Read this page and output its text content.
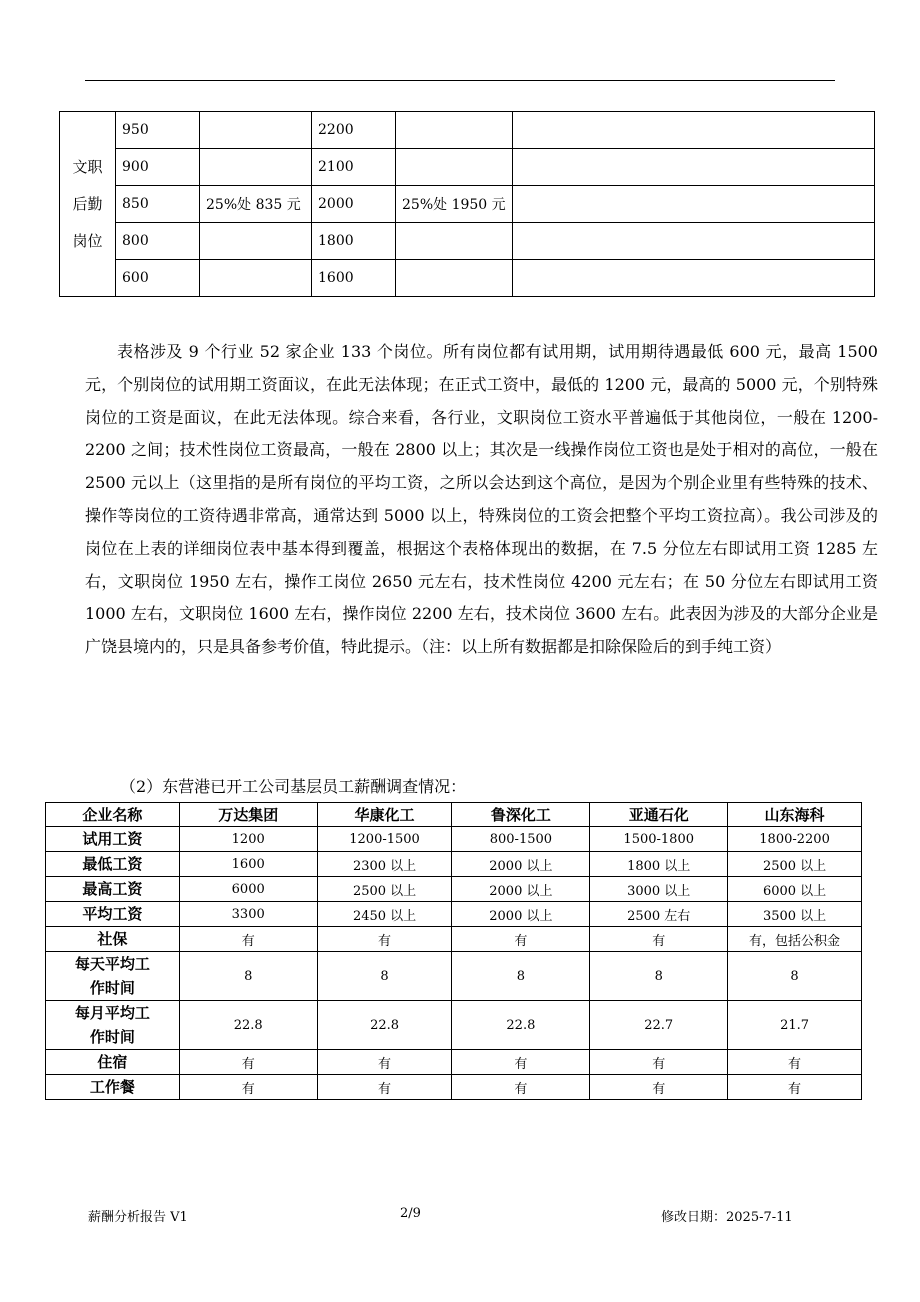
文职
后勤
岗位	950		2200		
	900		2100		
	850	25%处 835 元	2000	25%处 1950 元	
	800		1800		
	600		1600		

表格涉及 9 个行业 52 家企业 133 个岗位。所有岗位都有试用期，试用期待遇最低 600 元，最高 1500 元，个别岗位的试用期工资面议，在此无法体现；在正式工资中，最低的 1200 元，最高的 5000 元，个别特殊岗位的工资是面议，在此无法体现。综合来看，各行业，文职岗位工资水平普遍低于其他岗位，一般在 1200-2200 之间；技术性岗位工资最高，一般在 2800 以上；其次是一线操作岗位工资也是处于相对的高位，一般在 2500 元以上（这里指的是所有岗位的平均工资，之所以会达到这个高位，是因为个别企业里有些特殊的技术、操作等岗位的工资待遇非常高，通常达到 5000 以上，特殊岗位的工资会把整个平均工资拉高）。我公司涉及的岗位在上表的详细岗位表中基本得到覆盖，根据这个表格体现出的数据，在 7.5 分位左右即试用工资 1285 左右，文职岗位 1950 左右，操作工岗位 2650 元左右，技术性岗位 4200 元左右；在 50 分位左右即试用工资 1000 左右，文职岗位 1600 左右，操作岗位 2200 左右，技术岗位 3600 左右。此表因为涉及的大部分企业是广饶县境内的，只是具备参考价值，特此提示。（注：以上所有数据都是扣除保险后的到手纯工资）

（2）东营港已开工公司基层员工薪酬调查情况：

企业名称	万达集团	华康化工	鲁深化工	亚通石化	山东海科
试用工资	1200	1200-1500	800-1500	1500-1800	1800-2200
最低工资	1600	2300 以上	2000 以上	1800 以上	2500 以上
最高工资	6000	2500 以上	2000 以上	3000 以上	6000 以上
平均工资	3300	2450 以上	2000 以上	2500 左右	3500 以上
社保	有	有	有	有	有，包括公积金

每天平均工
作时间	8	8	8	8	8

每月平均工
作时间	22.8	22.8	22.8	22.7	21.7
住宿	有	有	有	有	有
工作餐	有	有	有	有	有
薪酬分析报告 V1	2/9	修改日期：2025-7-11
